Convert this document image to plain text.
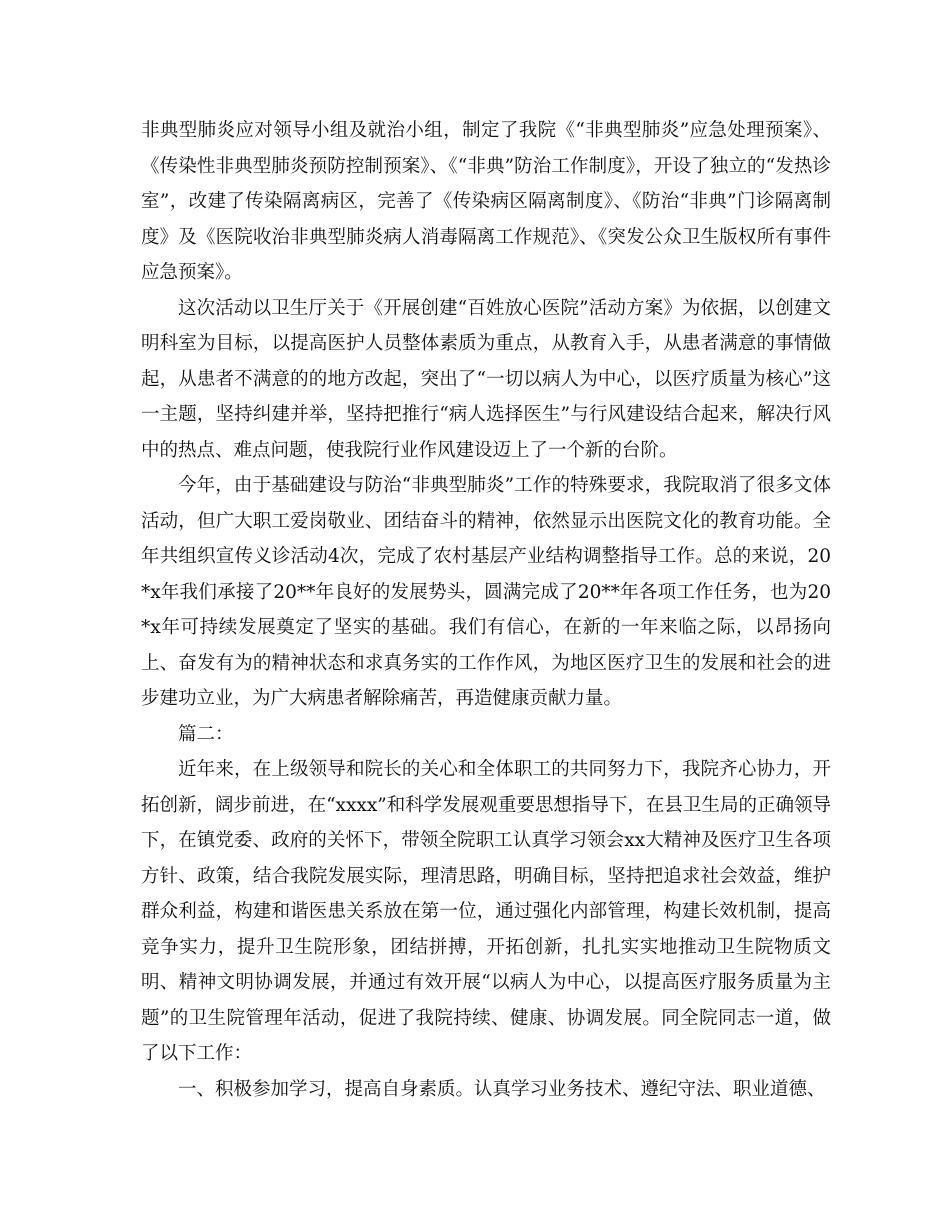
非典型肺炎应对领导小组及就治小组，制定了我院《“非典型肺炎”应急处理预案》、《传染性非典型肺炎预防控制预案》、《“非典”防治工作制度》，开设了独立的“发热诊室”，改建了传染隔离病区，完善了《传染病区隔离制度》、《防治“非典”门诊隔离制度》及《医院收治非典型肺炎病人消毒隔离工作规范》、《突发公众卫生版权所有事件应急预案》。

这次活动以卫生厅关于《开展创建“百姓放心医院”活动方案》为依据，以创建文明科室为目标，以提高医护人员整体素质为重点，从教育入手，从患者满意的事情做起，从患者不满意的的地方改起，突出了“一切以病人为中心，以医疗质量为核心”这一主题，坚持纠建并举，坚持把推行“病人选择医生”与行风建设结合起来，解决行风中的热点、难点问题，使我院行业作风建设迈上了一个新的台阶。

今年，由于基础建设与防治“非典型肺炎”工作的特殊要求，我院取消了很多文体活动，但广大职工爱岗敬业、团结奋斗的精神，依然显示出医院文化的教育功能。全年共组织宣传义诊活动4次，完成了农村基层产业结构调整指导工作。总的来说，20*x年我们承接了20**年良好的发展势头，圆满完成了20**年各项工作任务，也为20*x年可持续发展奠定了坚实的基础。我们有信心，在新的一年来临之际，以昂扬向上、奋发有为的精神状态和求真务实的工作作风，为地区医疗卫生的发展和社会的进步建功立业，为广大病患者解除痛苦，再造健康贡献力量。

篇二：

近年来，在上级领导和院长的关心和全体职工的共同努力下，我院齐心协力，开拓创新，阔步前进，在“xxxx”和科学发展观重要思想指导下，在县卫生局的正确领导下，在镇党委、政府的关怀下，带领全院职工认真学习领会xx大精神及医疗卫生各项方针、政策，结合我院发展实际，理清思路，明确目标，坚持把追求社会效益，维护群众利益，构建和谐医患关系放在第一位，通过强化内部管理，构建长效机制，提高竞争实力，提升卫生院形象，团结拼搏，开拓创新，扎扎实实地推动卫生院物质文明、精神文明协调发展，并通过有效开展“以病人为中心，以提高医疗服务质量为主题”的卫生院管理年活动，促进了我院持续、健康、协调发展。同全院同志一道，做了以下工作：

一、积极参加学习，提高自身素质。认真学习业务技术、遵纪守法、职业道德、
